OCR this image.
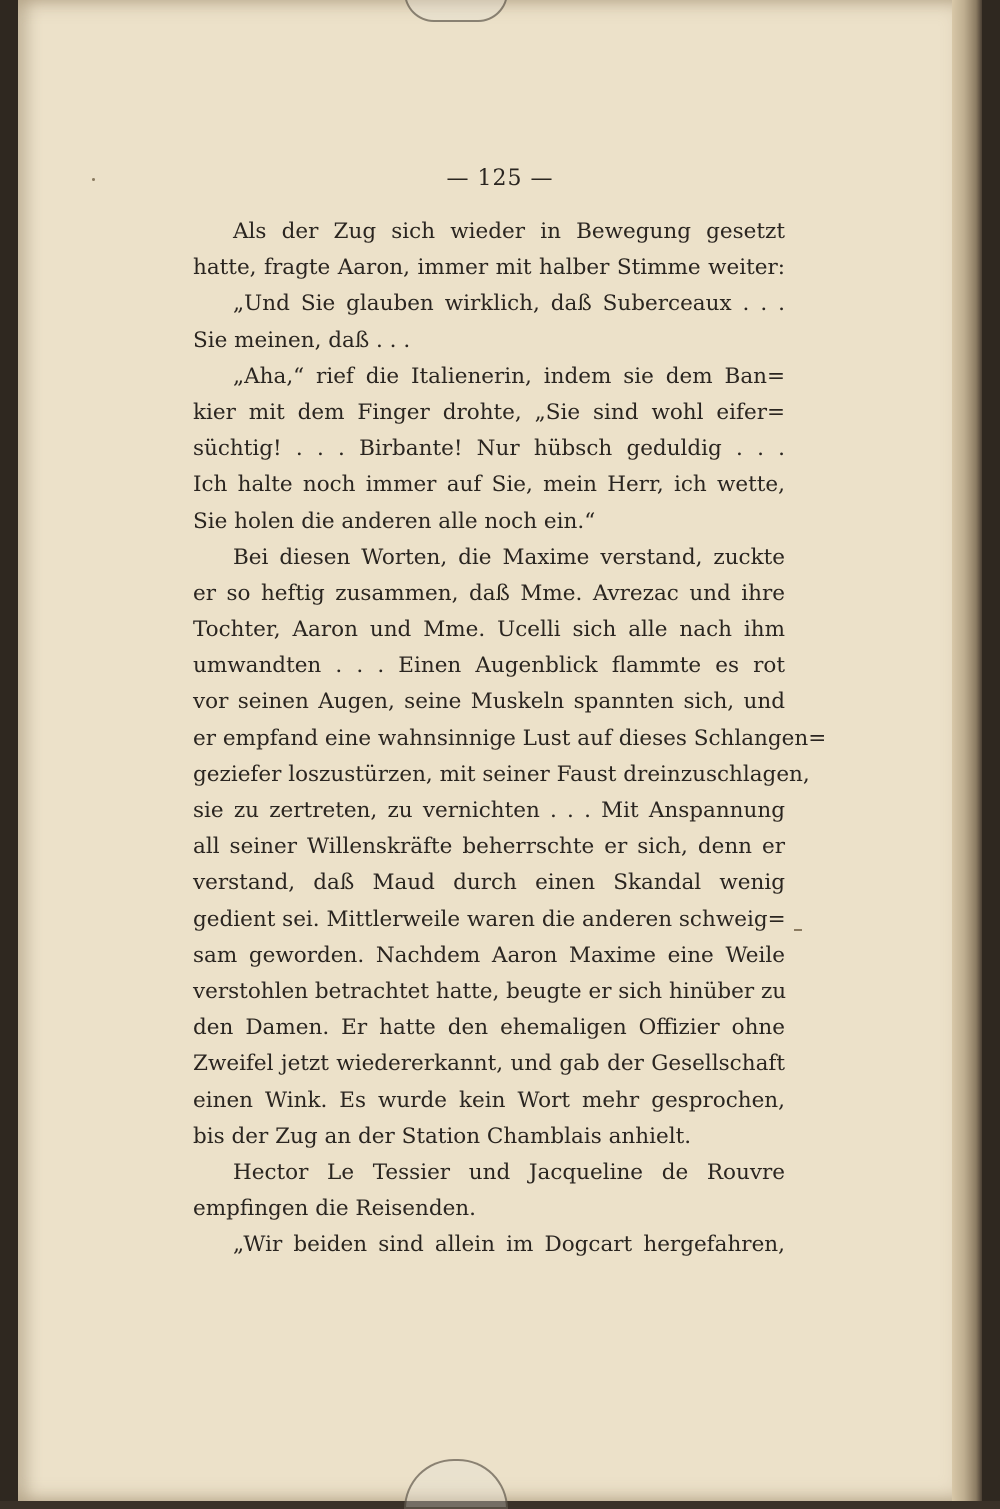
— 125 —
Als der Zug sich wieder in Bewegung gesetzt
hatte, fragte Aaron, immer mit halber Stimme weiter:
„Und Sie glauben wirklich, daß Suberceaux . . .
Sie meinen, daß . . .
„Aha,“ rief die Italienerin, indem sie dem Ban=
kier mit dem Finger drohte, „Sie sind wohl eifer=
süchtig! . . . Birbante! Nur hübsch geduldig . . .
Ich halte noch immer auf Sie, mein Herr, ich wette,
Sie holen die anderen alle noch ein.“
Bei diesen Worten, die Maxime verstand, zuckte
er so heftig zusammen, daß Mme. Avrezac und ihre
Tochter, Aaron und Mme. Ucelli sich alle nach ihm
umwandten . . . Einen Augenblick flammte es rot
vor seinen Augen, seine Muskeln spannten sich, und
er empfand eine wahnsinnige Lust auf dieses Schlangen=
geziefer loszustürzen, mit seiner Faust dreinzuschlagen,
sie zu zertreten, zu vernichten . . . Mit Anspannung
all seiner Willenskräfte beherrschte er sich, denn er
verstand, daß Maud durch einen Skandal wenig
gedient sei. Mittlerweile waren die anderen schweig=
sam geworden. Nachdem Aaron Maxime eine Weile
verstohlen betrachtet hatte, beugte er sich hinüber zu
den Damen. Er hatte den ehemaligen Offizier ohne
Zweifel jetzt wiedererkannt, und gab der Gesellschaft
einen Wink. Es wurde kein Wort mehr gesprochen,
bis der Zug an der Station Chamblais anhielt.
Hector Le Tessier und Jacqueline de Rouvre
empfingen die Reisenden.
„Wir beiden sind allein im Dogcart hergefahren,
